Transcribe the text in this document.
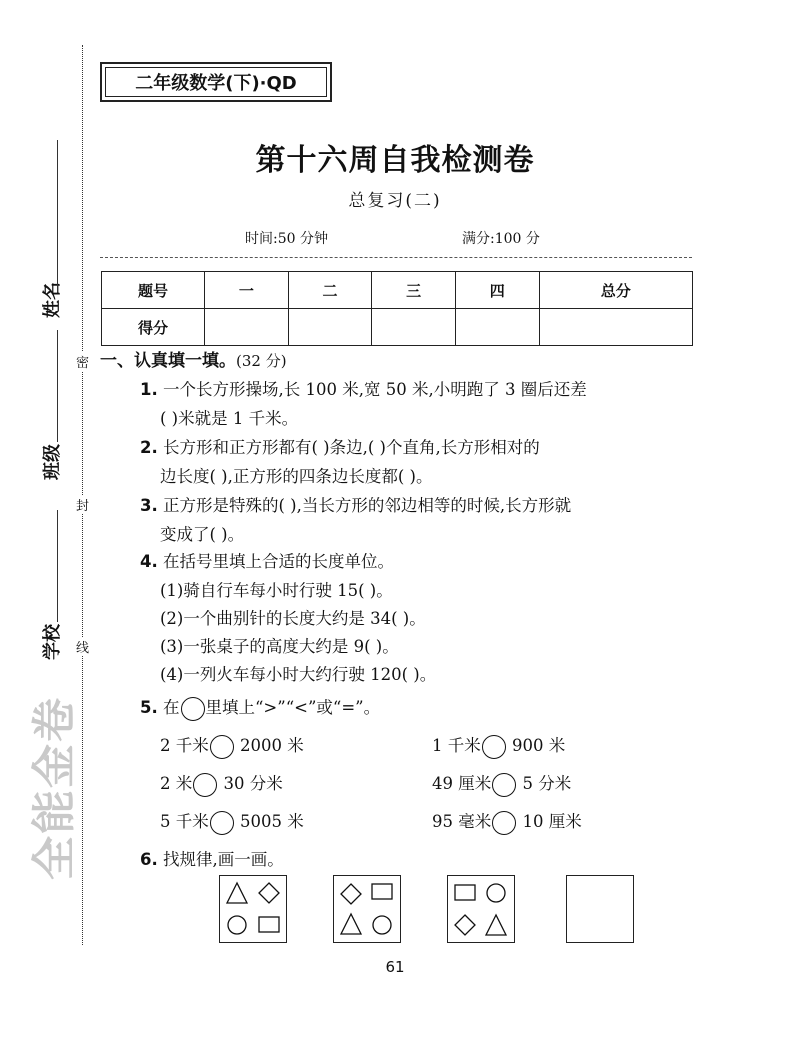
姓名
班级
学校
密
封
线
全能金卷
二年级数学(下)·QD
第十六周自我检测卷
总复习(二)
时间:50 分钟	满分:100 分
题号	一	二	三	四	总分
得分					
一、认真填一填。(32 分)
1. 一个长方形操场,长 100 米,宽 50 米,小明跑了 3 圈后还差
( )米就是 1 千米。
2. 长方形和正方形都有( )条边,( )个直角,长方形相对的
边长度( ),正方形的四条边长度都( )。
3. 正方形是特殊的( ),当长方形的邻边相等的时候,长方形就
变成了( )。
4. 在括号里填上合适的长度单位。
(1)骑自行车每小时行驶 15( )。
(2)一个曲别针的长度大约是 34( )。
(3)一张桌子的高度大约是 9( )。
(4)一列火车每小时大约行驶 120( )。
5. 在 里填上“>”“<”或“=”。
2 千米 2000 米	1 千米 900 米
2 米 30 分米	49 厘米 5 分米
5 千米 5005 米	95 毫米 10 厘米
6. 找规律,画一画。
61
